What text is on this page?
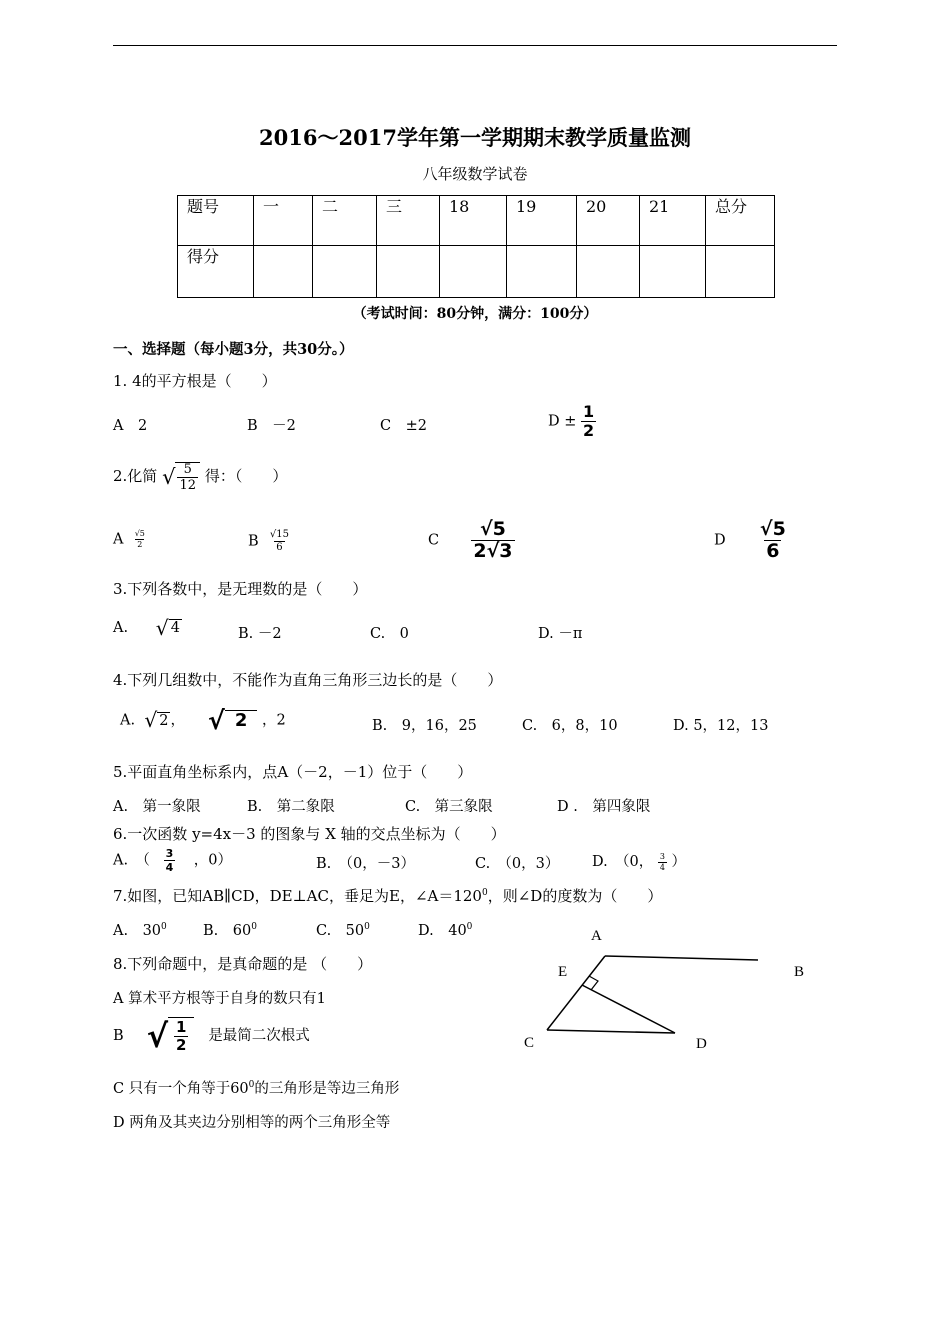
2016～2017学年第一学期期末教学质量监测
八年级数学试卷
题号	一	二	三	18	19	20	21	总分
得分								
（考试时间：80分钟，满分：100分）
一、选择题（每小题3分，共30分。）
1. 4的平方根是（　　）
A　2	B　－2	C　±2	$D \pm \frac{1}{2}$
2.化简 √ $\frac{5}{12}$ 得：（　　）
A $\frac{√5}{2}$	B $\frac{√15}{6}$	C $\frac{√5}{2√3}$	D $\frac{√5}{6}$
3.下列各数中，是无理数的是（　　）
A. √ 4	B. －2	C.　0	D. －π
4.下列几组数中，不能作为直角三角形三边长的是（　　）
A. √ 2 ， √ 2	，2	B.　9，16，25	C.　6，8，10	D. 5，12，13
5.平面直角坐标系内，点A（－2，－1）位于（　　）
A.　第一象限	B.　第二象限	C.　第三象限	D .　第四象限
6.一次函数 y=4x－3 的图象与 X 轴的交点坐标为（　　）
A.　（ $\frac{3}{4}$ ，0）	B.　（0，－3）	C.　（0，3） D.　（0， $\frac{3}{4}$ ）
7.如图，已知AB∥CD，DE⊥AC，垂足为E，$\angle A=120^0$，则∠D的度数为（　　）
A.　$30^0$ B.　$60^0$	C.　$50^0$	D.　$40^0$
8.下列命题中，是真命题的是 （　　）
A 算术平方根等于自身的数只有1
B √ $\frac{1}{2}$ 是最简二次根式
C 只有一个角等于$60^0$的三角形是等边三角形
D 两角及其夹边分别相等的两个三角形全等
A
B
C	D
E
